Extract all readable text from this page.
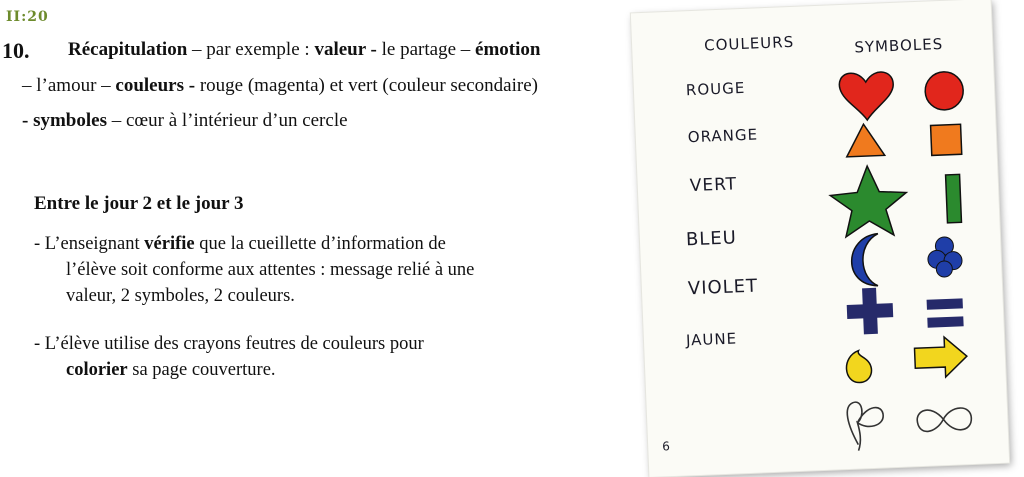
II:20
10. Récapitulation – par exemple : valeur - le partage – émotion
– l’amour – couleurs - rouge (magenta) et vert (couleur secondaire)
- symboles – cœur à l’intérieur d’un cercle
Entre le jour 2 et le jour 3
- L’enseignant vérifie que la cueillette d’information de
l’élève soit conforme aux attentes : message relié à une
valeur, 2 symboles, 2 couleurs.
- L’élève utilise des crayons feutres de couleurs pour
colorier sa page couverture.
COULEURS	SYMBOLES
ROUGE
ORANGE
VERT
BLEU
VIOLET
JAUNE
6
